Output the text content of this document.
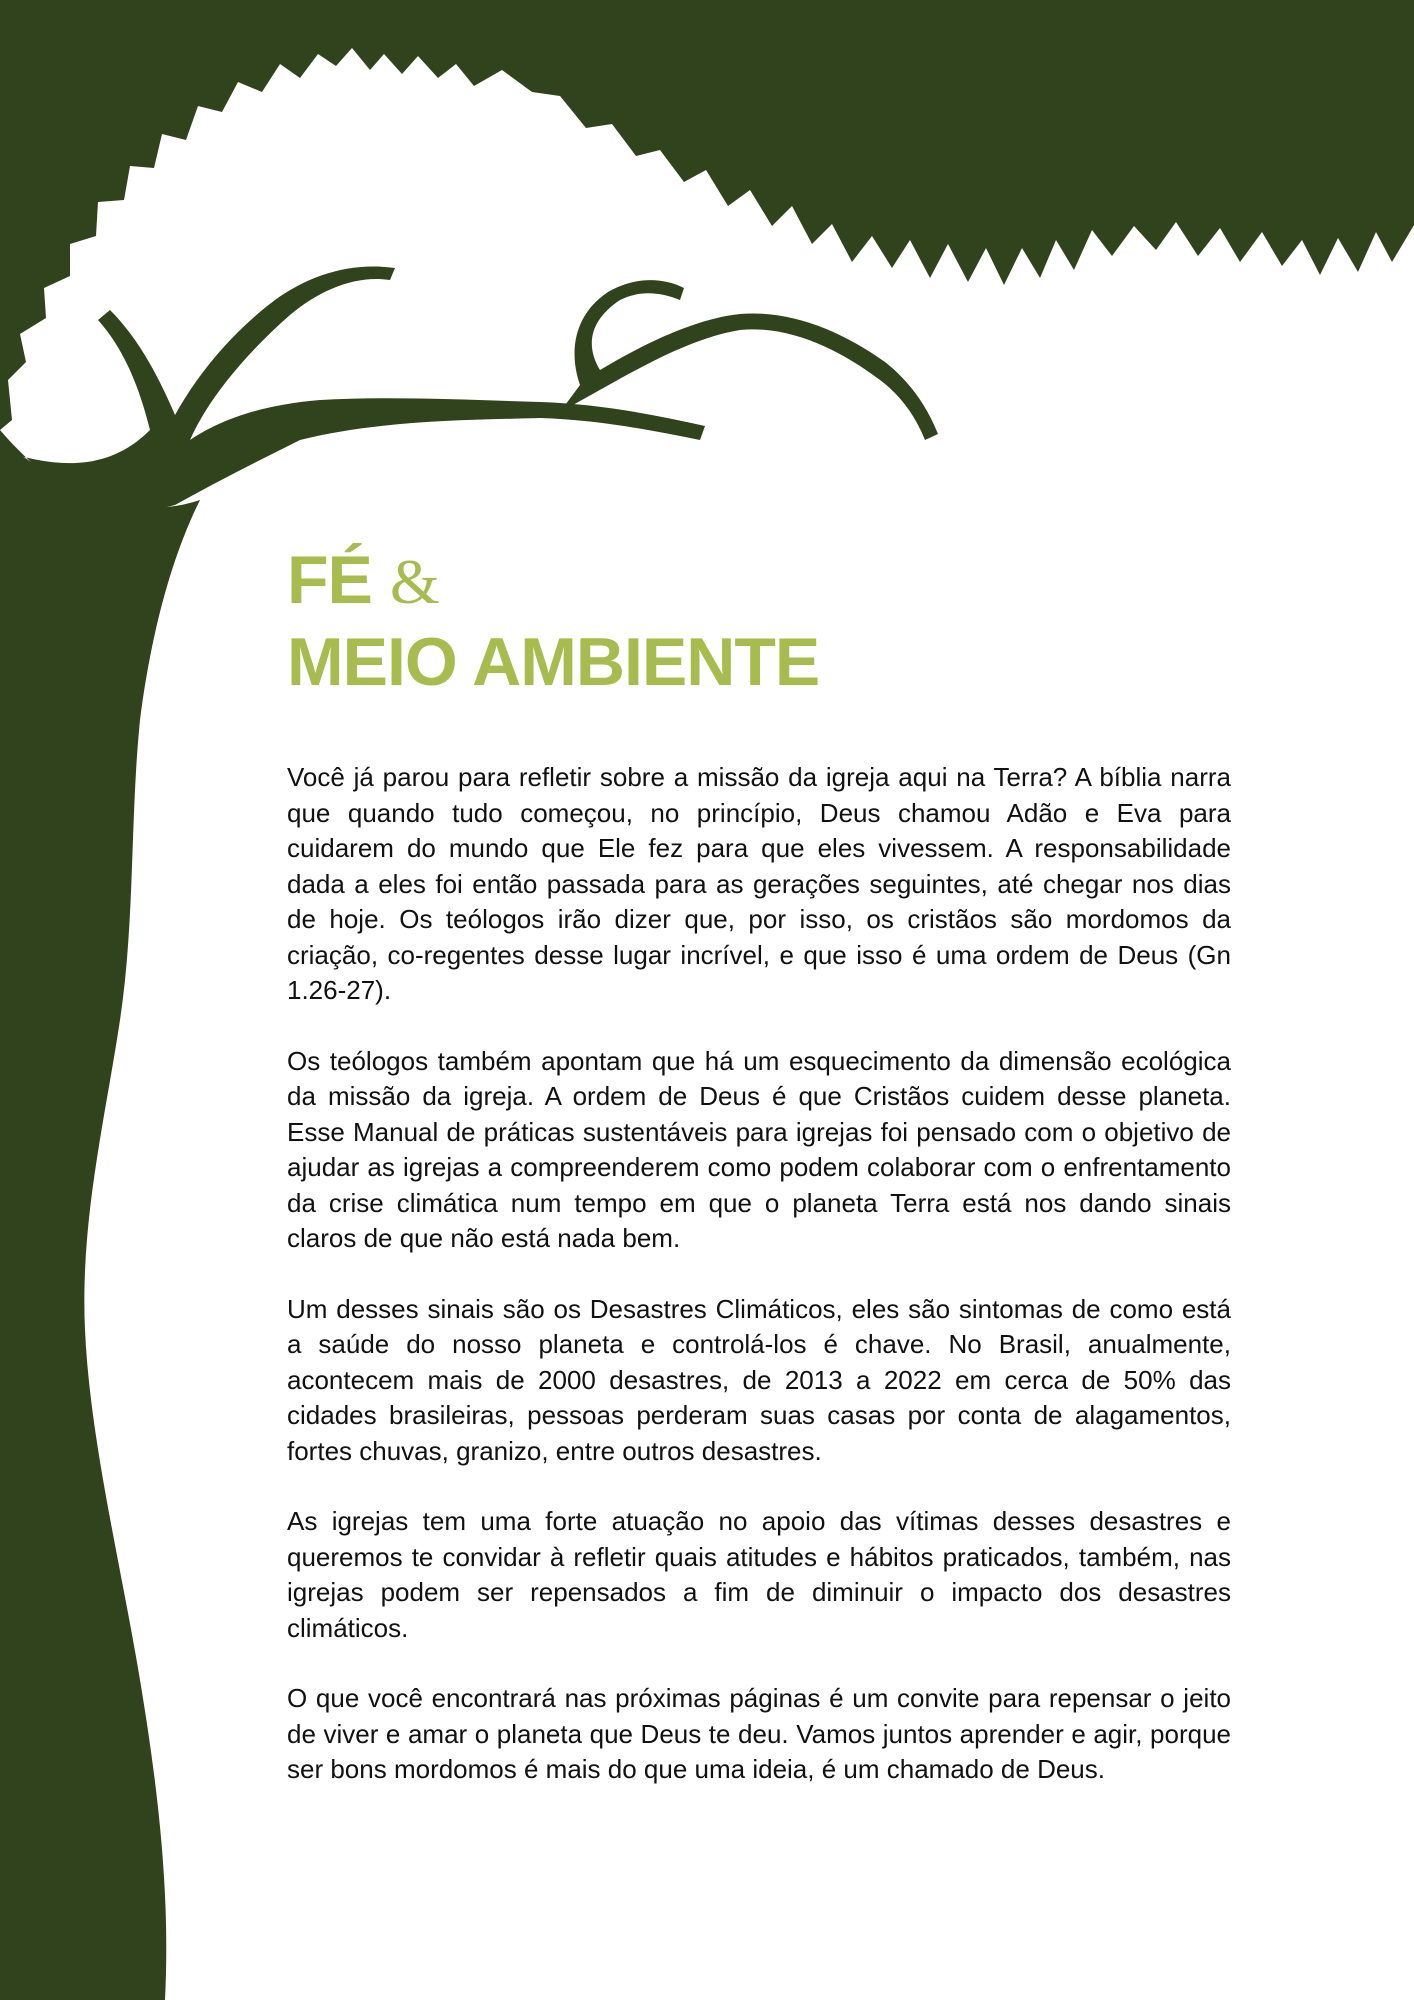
FÉ &
MEIO AMBIENTE

Você já parou para refletir sobre a missão da igreja aqui na Terra? A bíblia narra que quando tudo começou, no princípio, Deus chamou Adão e Eva para cuidarem do mundo que Ele fez para que eles vivessem. A responsabilidade dada a eles foi então passada para as gerações seguintes, até chegar nos dias de hoje. Os teólogos irão dizer que, por isso, os cristãos são mordomos da criação, co-regentes desse lugar incrível, e que isso é uma ordem de Deus (Gn 1.26-27).

Os teólogos também apontam que há um esquecimento da dimensão ecológica da missão da igreja. A ordem de Deus é que Cristãos cuidem desse planeta. Esse Manual de práticas sustentáveis para igrejas foi pensado com o objetivo de ajudar as igrejas a compreenderem como podem colaborar com o enfrentamento da crise climática num tempo em que o planeta Terra está nos dando sinais claros de que não está nada bem.

Um desses sinais são os Desastres Climáticos, eles são sintomas de como está a saúde do nosso planeta e controlá-los é chave. No Brasil, anualmente, acontecem mais de 2000 desastres, de 2013 a 2022 em cerca de 50% das cidades brasileiras, pessoas perderam suas casas por conta de alagamentos, fortes chuvas, granizo, entre outros desastres.

As igrejas tem uma forte atuação no apoio das vítimas desses desastres e queremos te convidar à refletir quais atitudes e hábitos praticados, também, nas igrejas podem ser repensados a fim de diminuir o impacto dos desastres climáticos.

O que você encontrará nas próximas páginas é um convite para repensar o jeito de viver e amar o planeta que Deus te deu. Vamos juntos aprender e agir, porque ser bons mordomos é mais do que uma ideia, é um chamado de Deus.
